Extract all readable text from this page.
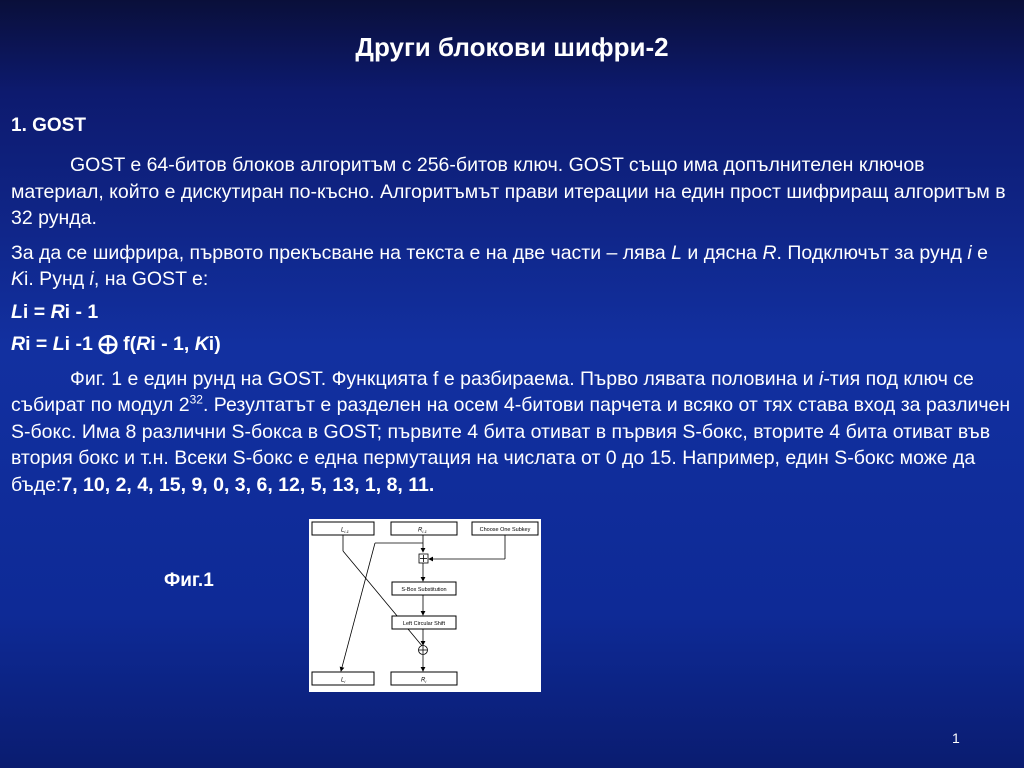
Други блокови шифри-2
1. GOST

GOST е 64-битов блоков алгоритъм с 256-битов ключ. GOST също има допълнителен ключов материал, който е дискутиран по-късно. Алгоритъмът прави итерации на един прост шифриращ алгоритъм в 32 рунда.

За да се шифрира, първото прекъсване на текста е на две части – лява L и дясна R. Подключът за рунд i е Ki. Рунд i, на GOST е:

Li = Ri - 1

Ri = Li -1 ⨁ f(Ri - 1, Ki)

Фиг. 1 е един рунд на GOST. Функцията f е разбираема. Първо лявата половина и i-тия под ключ се събират по модул $2^{32}$. Резултатът е разделен на осем 4-битови парчета и всяко от тях става вход за различен S-бокс. Има 8 различни S-бокса в GOST; първите 4 бита отиват в първия S-бокс, вторите 4 бита отиват във втория бокс и т.н. Всеки S-бокс е една пермутация на числата от 0 до 15. Например, един S-бокс може да бъде:7, 10, 2, 4, 15, 9, 0, 3, 6, 12, 5, 13, 1, 8, 11.

Фиг.1
$L_{i-1}$	$R_{i-1}$	Choose One Subkey
S-Box Substitution
Left Circular Shift
$L_i$	$R_i$
1
